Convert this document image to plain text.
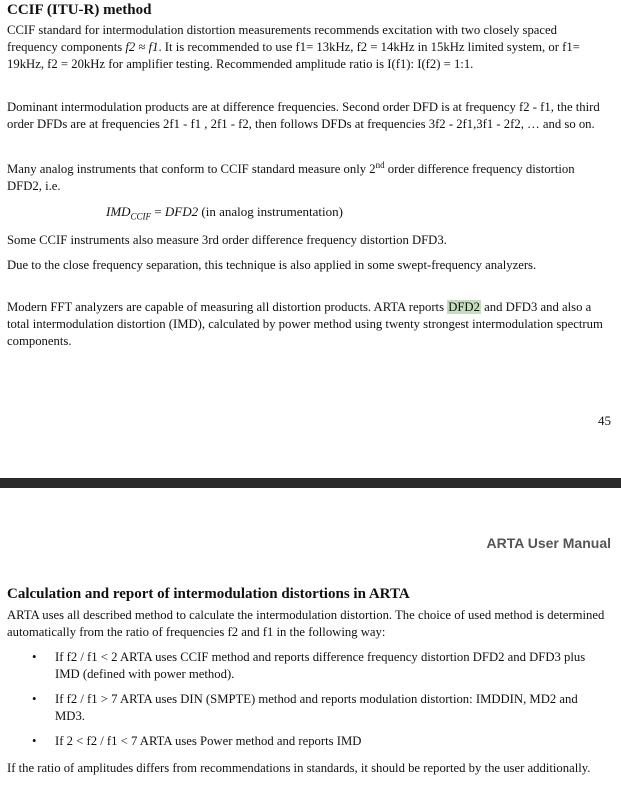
CCIF (ITU-R) method

CCIF standard for intermodulation distortion measurements recommends excitation with two closely spaced frequency components f2 ≈ f1. It is recommended to use f1= 13kHz, f2 = 14kHz in 15kHz limited system, or f1= 19kHz, f2 = 20kHz for amplifier testing. Recommended amplitude ratio is I(f1): I(f2) = 1:1.

Dominant intermodulation products are at difference frequencies. Second order DFD is at frequency f2 - f1, the third order DFDs are at frequencies 2f1 - f1 , 2f1 - f2, then follows DFDs at frequencies 3f2 - 2f1,3f1 - 2f2, … and so on.

Many analog instruments that conform to CCIF standard measure only 2nd order difference frequency distortion DFD2, i.e.

$IMD_{CCIF} = DFD2$ (in analog instrumentation)

Some CCIF instruments also measure 3rd order difference frequency distortion DFD3.

Due to the close frequency separation, this technique is also applied in some swept-frequency analyzers.

Modern FFT analyzers are capable of measuring all distortion products. ARTA reports DFD2 and DFD3 and also a total intermodulation distortion (IMD), calculated by power method using twenty strongest intermodulation spectrum components.

45
ARTA User Manual
Calculation and report of intermodulation distortions in ARTA

ARTA uses all described method to calculate the intermodulation distortion. The choice of used method is determined automatically from the ratio of frequencies f2 and f1 in the following way:

• If f2 / f1 < 2 ARTA uses CCIF method and reports difference frequency distortion DFD2 and DFD3 plus IMD (defined with power method).
• If f2 / f1 > 7 ARTA uses DIN (SMPTE) method and reports modulation distortion: IMDDIN, MD2 and MD3.
• If 2 < f2 / f1 < 7 ARTA uses Power method and reports IMD

If the ratio of amplitudes differs from recommendations in standards, it should be reported by the user additionally.
